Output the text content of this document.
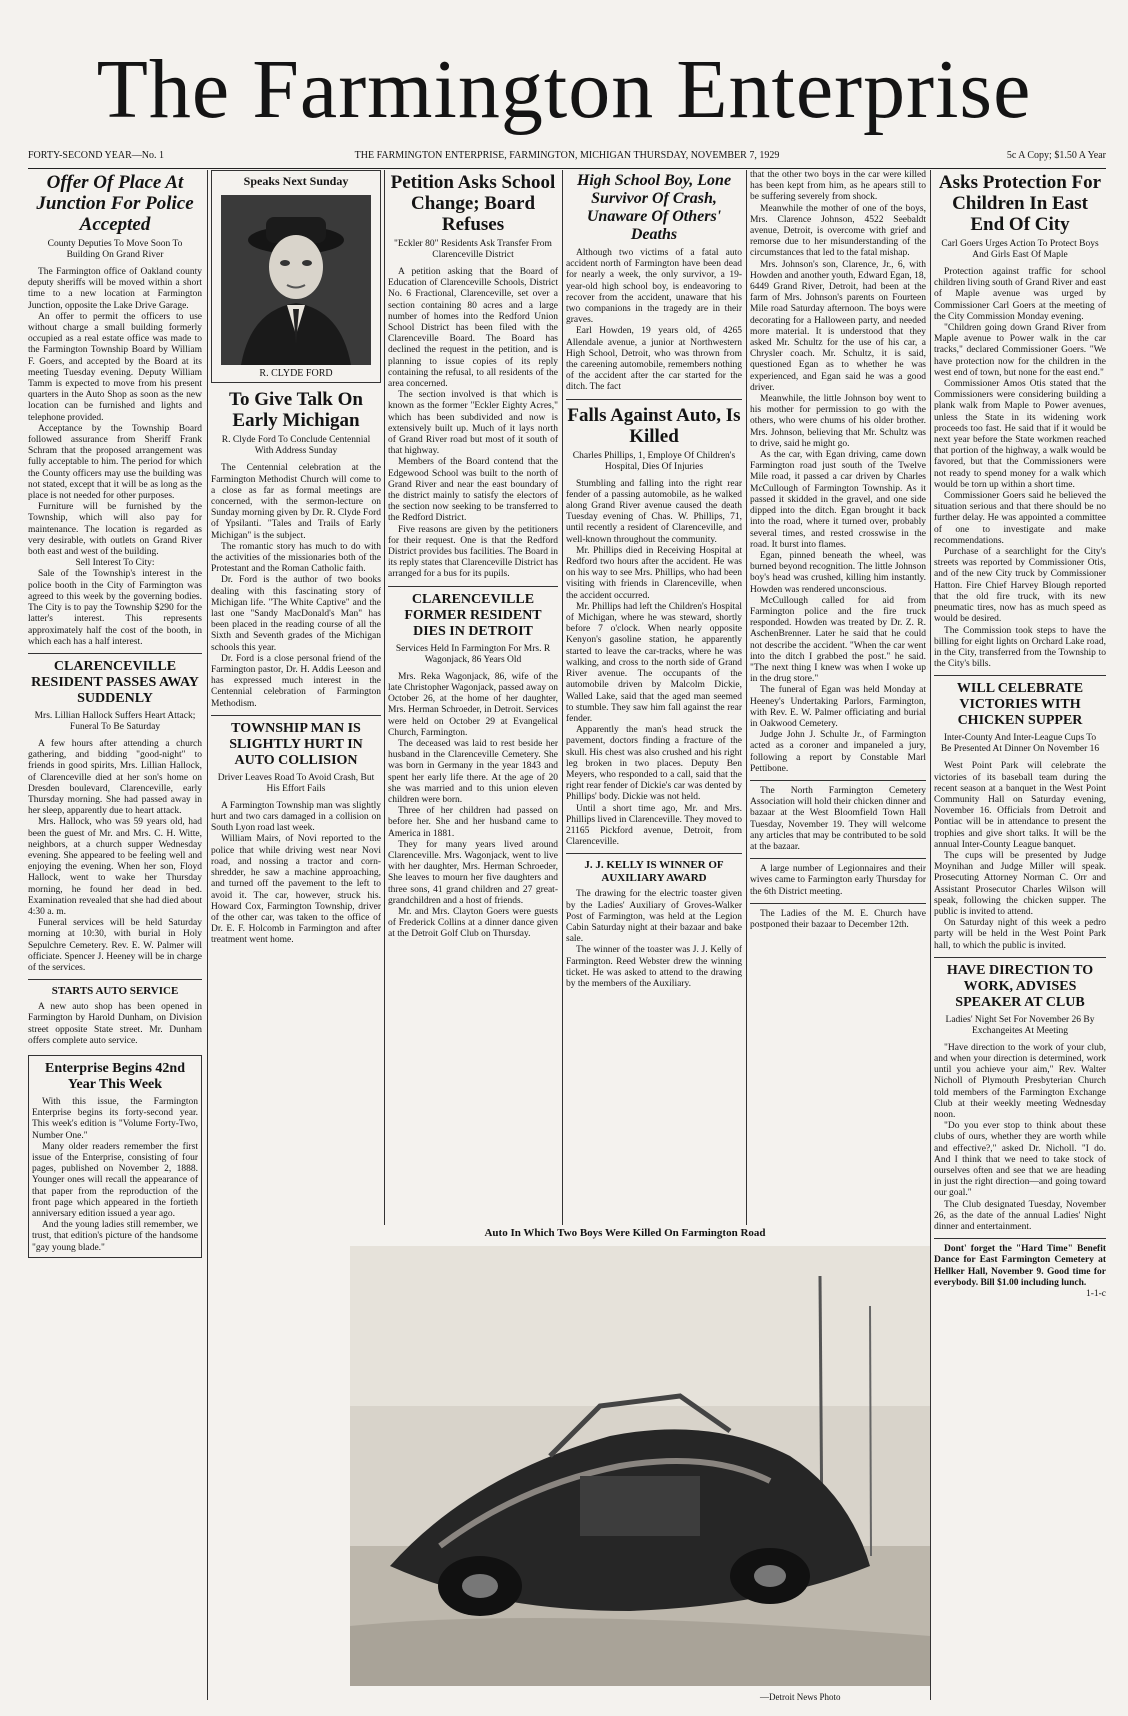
The Farmington Enterprise
FORTY-SECOND YEAR—No. 1	THE FARMINGTON ENTERPRISE, FARMINGTON, MICHIGAN THURSDAY, NOVEMBER 7, 1929	5c A Copy; $1.50 A Year
Offer Of Place At Junction For Police Accepted
County Deputies To Move Soon To Building On Grand River

The Farmington office of Oakland county deputy sheriffs will be moved within a short time to a new location at Farmington Junction, opposite the Lake Drive Garage.

An offer to permit the officers to use without charge a small building formerly occupied as a real estate office was made to the Farmington Township Board by William F. Goers, and accepted by the Board at its meeting Tuesday evening. Deputy William Tamm is expected to move from his present quarters in the Auto Shop as soon as the new location can be furnished and lights and telephone provided.

Acceptance by the Township Board followed assurance from Sheriff Frank Schram that the proposed arrangement was fully acceptable to him. The period for which the County officers may use the building was not stated, except that it will be as long as the place is not needed for other purposes.

Furniture will be furnished by the Township, which will also pay for maintenance. The location is regarded as very desirable, with outlets on Grand River both east and west of the building.

Sell Interest To City:

Sale of the Township's interest in the police booth in the City of Farmington was agreed to this week by the governing bodies. The City is to pay the Township $290 for the latter's interest. This represents approximately half the cost of the booth, in which each has a half interest.

CLARENCEVILLE RESIDENT PASSES AWAY SUDDENLY
Mrs. Lillian Hallock Suffers Heart Attack; Funeral To Be Saturday

A few hours after attending a church gathering, and bidding "good-night" to friends in good spirits, Mrs. Lillian Hallock, of Clarenceville died at her son's home on Dresden boulevard, Clarenceville, early Thursday morning. She had passed away in her sleep, apparently due to heart attack.

Mrs. Hallock, who was 59 years old, had been the guest of Mr. and Mrs. C. H. Witte, neighbors, at a church supper Wednesday evening. She appeared to be feeling well and enjoying the evening. When her son, Floyd Hallock, went to wake her Thursday morning, he found her dead in bed. Examination revealed that she had died about 4:30 a. m.

Funeral services will be held Saturday morning at 10:30, with burial in Holy Sepulchre Cemetery. Rev. E. W. Palmer will officiate. Spencer J. Heeney will be in charge of the services.

STARTS AUTO SERVICE

A new auto shop has been opened in Farmington by Harold Dunham, on Division street opposite State street. Mr. Dunham offers complete auto service.

Enterprise Begins 42nd Year This Week

With this issue, the Farmington Enterprise begins its forty-second year. This week's edition is "Volume Forty-Two, Number One."

Many older readers remember the first issue of the Enterprise, consisting of four pages, published on November 2, 1888. Younger ones will recall the appearance of that paper from the reproduction of the front page which appeared in the fortieth anniversary edition issued a year ago.

And the young ladies still remember, we trust, that edition's picture of the handsome "gay young blade."

Speaks Next Sunday
R. CLYDE FORD
To Give Talk On Early Michigan
R. Clyde Ford To Conclude Centennial With Address Sunday

The Centennial celebration at the Farmington Methodist Church will come to a close as far as formal meetings are concerned, with the sermon-lecture on Sunday morning given by Dr. R. Clyde Ford of Ypsilanti. "Tales and Trails of Early Michigan" is the subject.

The romantic story has much to do with the activities of the missionaries both of the Protestant and the Roman Catholic faith.

Dr. Ford is the author of two books dealing with this fascinating story of Michigan life. "The White Captive" and the last one "Sandy MacDonald's Man" has been placed in the reading course of all the Sixth and Seventh grades of the Michigan schools this year.

Dr. Ford is a close personal friend of the Farmington pastor, Dr. H. Addis Leeson and has expressed much interest in the Centennial celebration of Farmington Methodism.

TOWNSHIP MAN IS SLIGHTLY HURT IN AUTO COLLISION
Driver Leaves Road To Avoid Crash, But His Effort Fails

A Farmington Township man was slightly hurt and two cars damaged in a collision on South Lyon road last week.

William Mairs, of Novi reported to the police that while driving west near Novi road, and nossing a tractor and corn-shredder, he saw a machine approaching, and turned off the pavement to the left to avoid it. The car, however, struck his. Howard Cox, Farmington Township, driver of the other car, was taken to the office of Dr. E. F. Holcomb in Farmington and after treatment went home.

Petition Asks School Change; Board Refuses
"Eckler 80" Residents Ask Transfer From Clarenceville District

A petition asking that the Board of Education of Clarenceville Schools, District No. 6 Fractional, Clarenceville, set over a section containing 80 acres and a large number of homes into the Redford Union School District has been filed with the Clarenceville Board. The Board has declined the request in the petition, and is planning to issue copies of its reply containing the refusal, to all residents of the area concerned.

The section involved is that which is known as the former "Eckler Eighty Acres," which has been subdivided and now is extensively built up. Much of it lays north of Grand River road but most of it south of that highway.

Members of the Board contend that the Edgewood School was built to the north of Grand River and near the east boundary of the district mainly to satisfy the electors of the section now seeking to be transferred to the Redford District.

Five reasons are given by the petitioners for their request. One is that the Redford District provides bus facilities. The Board in its reply states that Clarenceville District has arranged for a bus for its pupils.

CLARENCEVILLE FORMER RESIDENT DIES IN DETROIT
Services Held In Farmington For Mrs. R Wagonjack, 86 Years Old

Mrs. Reka Wagonjack, 86, wife of the late Christopher Wagonjack, passed away on October 26, at the home of her daughter, Mrs. Herman Schroeder, in Detroit. Services were held on October 29 at Evangelical Church, Farmington.

The deceased was laid to rest beside her husband in the Clarenceville Cemetery. She was born in Germany in the year 1843 and spent her early life there. At the age of 20 she was married and to this union eleven children were born.

Three of her children had passed on before her. She and her husband came to America in 1881.

They for many years lived around Clarenceville. Mrs. Wagonjack, went to live with her daughter, Mrs. Herman Schroeder, She leaves to mourn her five daughters and three sons, 41 grand children and 27 great-grandchildren and a host of friends.

Mr. and Mrs. Clayton Goers were guests of Frederick Collins at a dinner dance given at the Detroit Golf Club on Thursday.

High School Boy, Lone Survivor Of Crash, Unaware Of Others' Deaths

Although two victims of a fatal auto accident north of Farmington have been dead for nearly a week, the only survivor, a 19-year-old high school boy, is endeavoring to recover from the accident, unaware that his two companions in the tragedy are in their graves.

Earl Howden, 19 years old, of 4265 Allendale avenue, a junior at Northwestern High School, Detroit, who was thrown from the careening automobile, remembers nothing of the accident after the car started for the ditch. The fact

Falls Against Auto, Is Killed
Charles Phillips, 1, Employe Of Children's Hospital, Dies Of Injuries

Stumbling and falling into the right rear fender of a passing automobile, as he walked along Grand River avenue caused the death Tuesday evening of Chas. W. Phillips, 71, until recently a resident of Clarenceville, and well-known throughout the community.

Mr. Phillips died in Receiving Hospital at Redford two hours after the accident. He was on his way to see Mrs. Phillips, who had been visiting with friends in Clarenceville, when the accident occurred.

Mr. Phillips had left the Children's Hospital of Michigan, where he was steward, shortly before 7 o'clock. When nearly opposite Kenyon's gasoline station, he apparently started to leave the car-tracks, where he was walking, and cross to the north side of Grand River avenue. The occupants of the automobile driven by Malcolm Dickie, Walled Lake, said that the aged man seemed to stumble. They saw him fall against the rear fender.

Apparently the man's head struck the pavement, doctors finding a fracture of the skull. His chest was also crushed and his right leg broken in two places. Deputy Ben Meyers, who responded to a call, said that the right rear fender of Dickie's car was dented by Phillips' body. Dickie was not held.

Until a short time ago, Mr. and Mrs. Phillips lived in Clarenceville. They moved to 21165 Pickford avenue, Detroit, from Clarenceville.

J. J. KELLY IS WINNER OF AUXILIARY AWARD

The drawing for the electric toaster given by the Ladies' Auxiliary of Groves-Walker Post of Farmington, was held at the Legion Cabin Saturday night at their bazaar and bake sale.

The winner of the toaster was J. J. Kelly of Farmington. Reed Webster drew the winning ticket. He was asked to attend to the drawing by the members of the Auxiliary.

that the other two boys in the car were killed has been kept from him, as he apears still to be suffering severely from shock.

Meanwhile the mother of one of the boys, Mrs. Clarence Johnson, 4522 Seebaldt avenue, Detroit, is overcome with grief and remorse due to her misunderstanding of the circumstances that led to the fatal mishap.

Mrs. Johnson's son, Clarence, Jr., 6, with Howden and another youth, Edward Egan, 18, 6449 Grand River, Detroit, had been at the farm of Mrs. Johnson's parents on Fourteen Mile road Saturday afternoon. The boys were decorating for a Halloween party, and needed more material. It is understood that they asked Mr. Schultz for the use of his car, a Chrysler coach. Mr. Schultz, it is said, questioned Egan as to whether he was experienced, and Egan said he was a good driver.

Meanwhile, the little Johnson boy went to his mother for permission to go with the others, who were chums of his older brother. Mrs. Johnson, believing that Mr. Schultz was to drive, said he might go.

As the car, with Egan driving, came down Farmington road just south of the Twelve Mile road, it passed a car driven by Charles McCullough of Farmington Township. As it passed it skidded in the gravel, and one side dipped into the ditch. Egan brought it back into the road, where it turned over, probably several times, and rested crosswise in the road. It burst into flames.

Egan, pinned beneath the wheel, was burned beyond recognition. The little Johnson boy's head was crushed, killing him instantly. Howden was rendered unconscious.

McCullough called for aid from Farmington police and the fire truck responded. Howden was treated by Dr. Z. R. AschenBrenner. Later he said that he could not describe the accident. "When the car went into the ditch I grabbed the post." he said. "The next thing I knew was when I woke up in the drug store."

The funeral of Egan was held Monday at Heeney's Undertaking Parlors, Farmington, with Rev. E. W. Palmer officiating and burial in Oakwood Cemetery.

Judge John J. Schulte Jr., of Farmington acted as a coroner and impaneled a jury, following a report by Constable Marl Pettibone.

The North Farmington Cemetery Association will hold their chicken dinner and bazaar at the West Bloomfield Town Hall Tuesday, November 19. They will welcome any articles that may be contributed to be sold at the bazaar.

A large number of Legionnaires and their wives came to Farmington early Thursday for the 6th District meeting.

The Ladies of the M. E. Church have postponed their bazaar to December 12th.

Asks Protection For Children In East End Of City
Carl Goers Urges Action To Protect Boys And Girls East Of Maple

Protection against traffic for school children living south of Grand River and east of Maple avenue was urged by Commissioner Carl Goers at the meeting of the City Commission Monday evening.

"Children going down Grand River from Maple avenue to Power walk in the car tracks," declared Commissioner Goers. "We have protection now for the children in the west end of town, but none for the east end."

Commissioner Amos Otis stated that the Commissioners were considering building a plank walk from Maple to Power avenues, unless the State in its widening work proceeds too fast. He said that if it would be next year before the State workmen reached that portion of the highway, a walk would be favored, but that the Commissioners were not ready to spend money for a walk which would be torn up within a short time.

Commissioner Goers said he believed the situation serious and that there should be no further delay. He was appointed a committee of one to investigate and make recommendations.

Purchase of a searchlight for the City's streets was reported by Commissioner Otis, and of the new City truck by Commissioner Hatton. Fire Chief Harvey Blough reported that the old fire truck, with its new pneumatic tires, now has as much speed as would be desired.

The Commission took steps to have the billing for eight lights on Orchard Lake road, in the City, transferred from the Township to the City's bills.

WILL CELEBRATE VICTORIES WITH CHICKEN SUPPER
Inter-County And Inter-League Cups To Be Presented At Dinner On November 16

West Point Park will celebrate the victories of its baseball team during the recent season at a banquet in the West Point Community Hall on Saturday evening, November 16. Officials from Detroit and Pontiac will be in attendance to present the trophies and give short talks. It will be the annual Inter-County League banquet.

The cups will be presented by Judge Moynihan and Judge Miller will speak. Prosecuting Attorney Norman C. Orr and Assistant Prosecutor Charles Wilson will speak, following the chicken supper. The public is invited to attend.

On Saturday night of this week a pedro party will be held in the West Point Park hall, to which the public is invited.

HAVE DIRECTION TO WORK, ADVISES SPEAKER AT CLUB
Ladies' Night Set For November 26 By Exchangeites At Meeting

"Have direction to the work of your club, and when your direction is determined, work until you achieve your aim," Rev. Walter Nicholl of Plymouth Presbyterian Church told members of the Farmington Exchange Club at their weekly meeting Wednesday noon.

"Do you ever stop to think about these clubs of ours, whether they are worth while and effective?," asked Dr. Nicholl. "I do. And I think that we need to take stock of ourselves often and see that we are heading in just the right direction—and going toward our goal."

The Club designated Tuesday, November 26, as the date of the annual Ladies' Night dinner and entertainment.

Dont' forget the "Hard Time" Benefit Dance for East Farmington Cemetery at Hellker Hall, November 9. Good time for everybody. Bill $1.00 including lunch.

1-1-c

Auto In Which Two Boys Were Killed On Farmington Road
—Detroit News Photo
